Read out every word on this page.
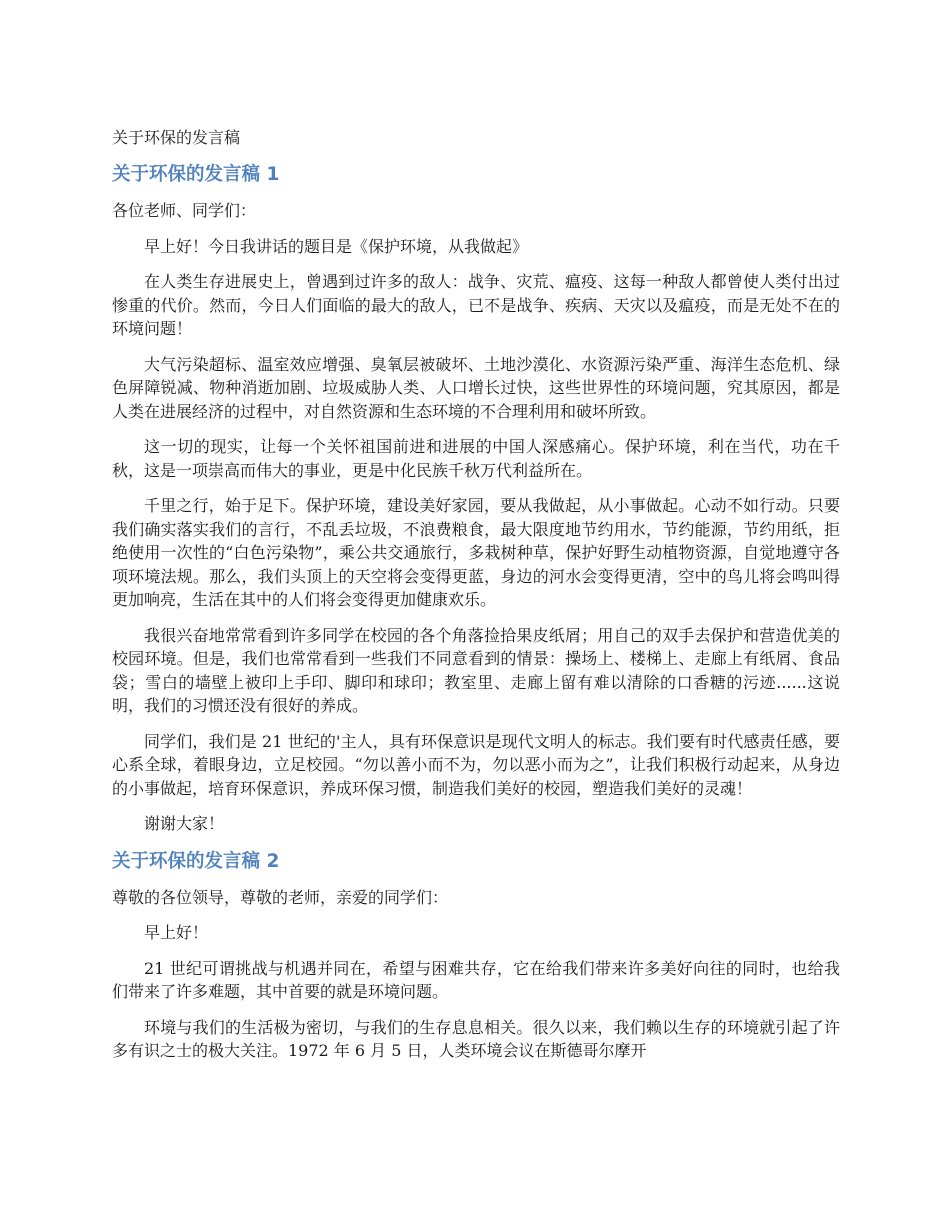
关于环保的发言稿

关于环保的发言稿 1

各位老师、同学们：

早上好！今日我讲话的题目是《保护环境，从我做起》

在人类生存进展史上，曾遇到过许多的敌人：战争、灾荒、瘟疫、这每一种敌人都曾使人类付出过惨重的代价。然而，今日人们面临的最大的敌人，已不是战争、疾病、天灾以及瘟疫，而是无处不在的环境问题！

大气污染超标、温室效应增强、臭氧层被破坏、土地沙漠化、水资源污染严重、海洋生态危机、绿色屏障锐减、物种消逝加剧、垃圾威胁人类、人口增长过快，这些世界性的环境问题，究其原因，都是人类在进展经济的过程中，对自然资源和生态环境的不合理利用和破坏所致。

这一切的现实，让每一个关怀祖国前进和进展的中国人深感痛心。保护环境，利在当代，功在千秋，这是一项崇高而伟大的事业，更是中化民族千秋万代利益所在。

千里之行，始于足下。保护环境，建设美好家园，要从我做起，从小事做起。心动不如行动。只要我们确实落实我们的言行，不乱丢垃圾，不浪费粮食，最大限度地节约用水，节约能源，节约用纸，拒绝使用一次性的“白色污染物”，乘公共交通旅行，多栽树种草，保护好野生动植物资源，自觉地遵守各项环境法规。那么，我们头顶上的天空将会变得更蓝，身边的河水会变得更清，空中的鸟儿将会鸣叫得更加响亮，生活在其中的人们将会变得更加健康欢乐。

我很兴奋地常常看到许多同学在校园的各个角落捡拾果皮纸屑；用自己的双手去保护和营造优美的校园环境。但是，我们也常常看到一些我们不同意看到的情景：操场上、楼梯上、走廊上有纸屑、食品袋；雪白的墙壁上被印上手印、脚印和球印；教室里、走廊上留有难以清除的口香糖的污迹......这说明，我们的习惯还没有很好的养成。

同学们，我们是 21 世纪的'主人，具有环保意识是现代文明人的标志。我们要有时代感责任感，要心系全球，着眼身边，立足校园。“勿以善小而不为，勿以恶小而为之”，让我们积极行动起来，从身边的小事做起，培育环保意识，养成环保习惯，制造我们美好的校园，塑造我们美好的灵魂！

谢谢大家！

关于环保的发言稿 2

尊敬的各位领导，尊敬的老师，亲爱的同学们：

早上好！

21 世纪可谓挑战与机遇并同在，希望与困难共存，它在给我们带来许多美好向往的同时，也给我们带来了许多难题，其中首要的就是环境问题。

环境与我们的生活极为密切，与我们的生存息息相关。很久以来，我们赖以生存的环境就引起了许多有识之士的极大关注。1972 年 6 月 5 日，人类环境会议在斯德哥尔摩开
